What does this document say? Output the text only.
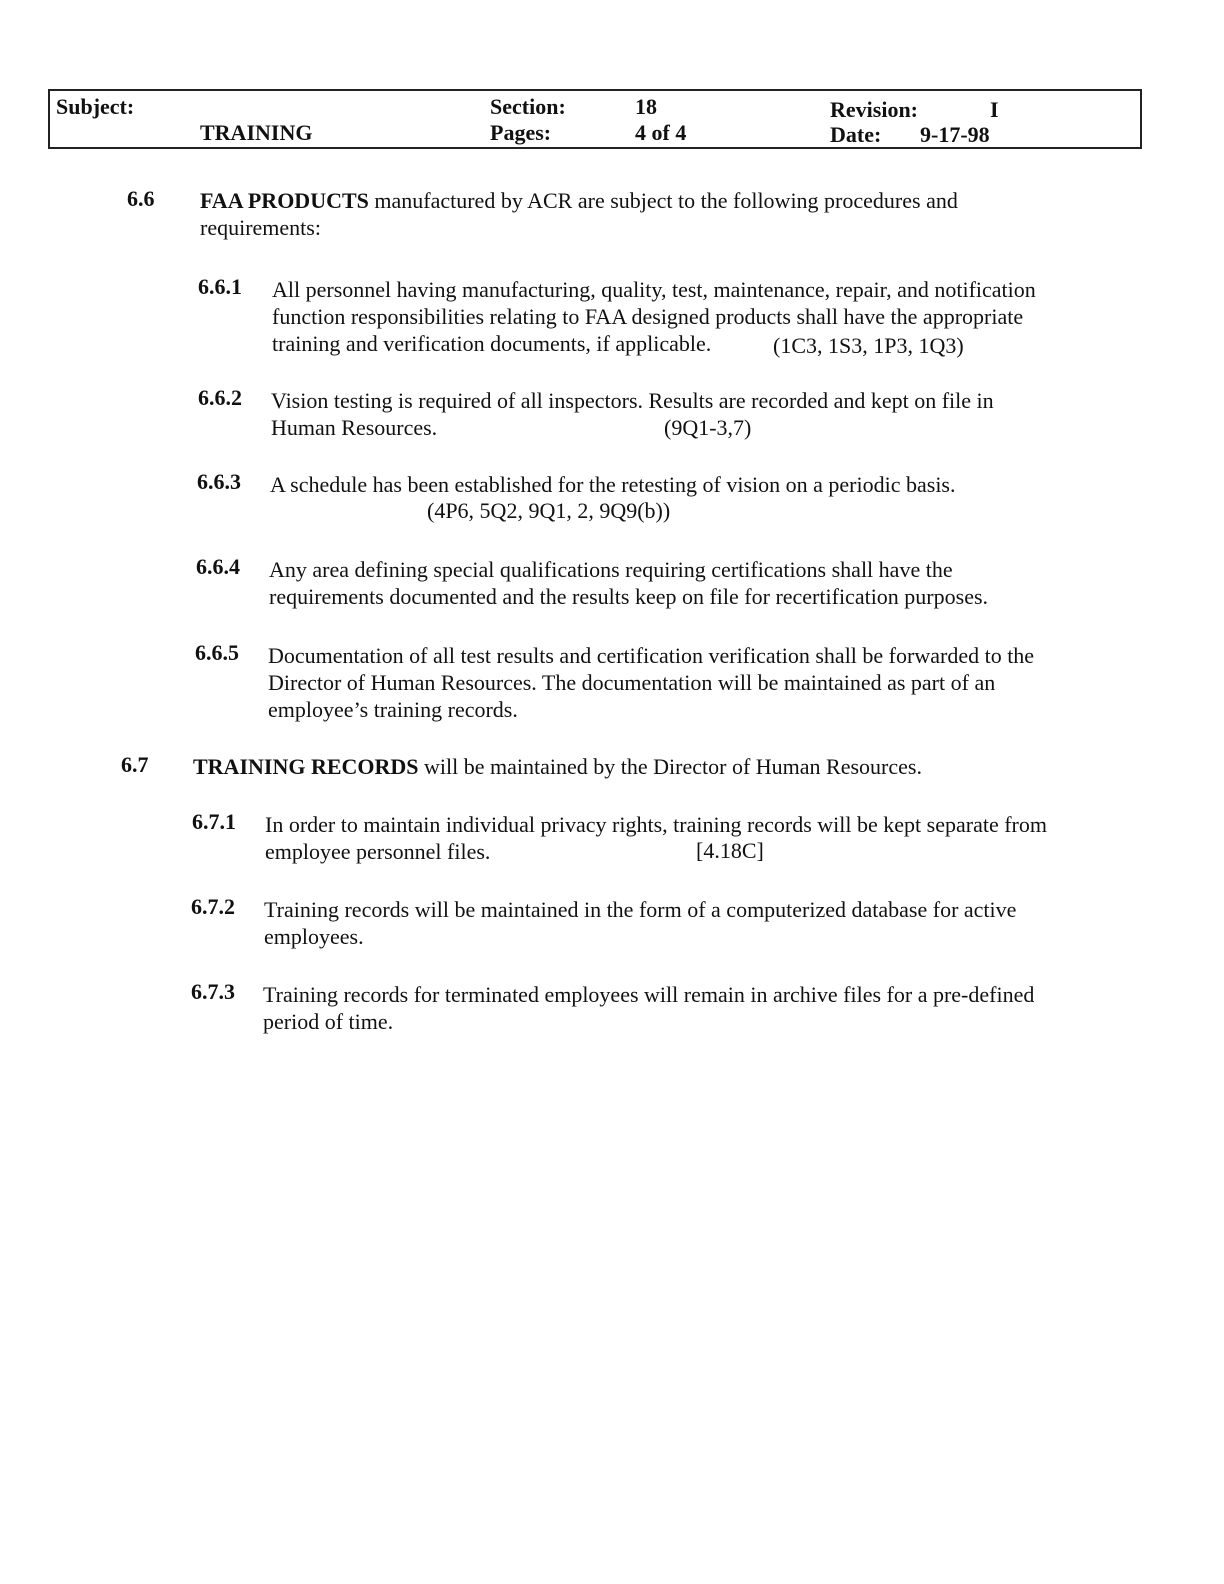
Subject:
TRAINING
Section:	18
Pages:	4 of 4
Revision:	I
Date: 9-17-98
6.6 FAA PRODUCTS manufactured by ACR are subject to the following procedures and
requirements:
6.6.1 All personnel having manufacturing, quality, test, maintenance, repair, and notification
function responsibilities relating to FAA designed products shall have the appropriate
training and verification documents, if applicable.	(1C3, 1S3, 1P3, 1Q3)
6.6.2 Vision testing is required of all inspectors. Results are recorded and kept on file in
Human Resources.	(9Q1-3,7)
6.6.3 A schedule has been established for the retesting of vision on a periodic basis.
(4P6, 5Q2, 9Q1, 2, 9Q9(b))
6.6.4 Any area defining special qualifications requiring certifications shall have the
requirements documented and the results keep on file for recertification purposes.
6.6.5 Documentation of all test results and certification verification shall be forwarded to the
Director of Human Resources. The documentation will be maintained as part of an
employee’s training records.
6.7 TRAINING RECORDS will be maintained by the Director of Human Resources.
6.7.1 In order to maintain individual privacy rights, training records will be kept separate from
employee personnel files.	[4.18C]
6.7.2 Training records will be maintained in the form of a computerized database for active
employees.
6.7.3 Training records for terminated employees will remain in archive files for a pre-defined
period of time.
